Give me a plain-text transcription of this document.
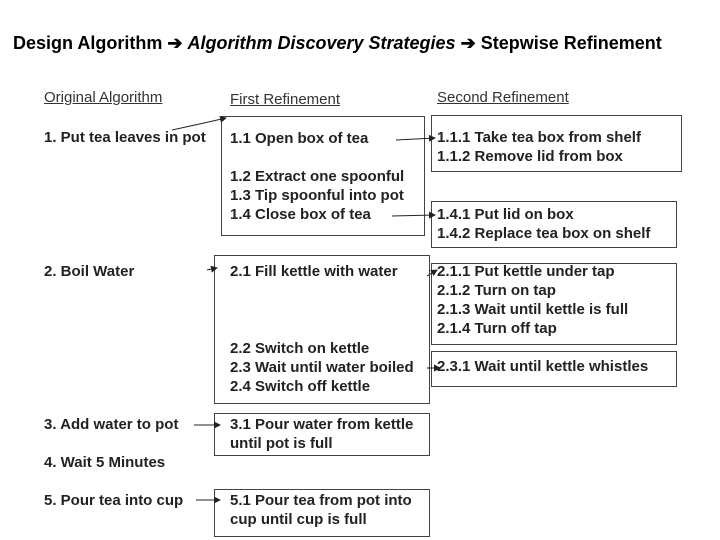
Design Algorithm ➔ Algorithm Discovery Strategies ➔ Stepwise Refinement
Original Algorithm	First Refinement	Second Refinement
1. Put tea leaves in pot
2. Boil Water
3. Add water to pot
4. Wait 5 Minutes
5. Pour tea into cup
1.1 Open box of tea
1.2 Extract one spoonful
1.3 Tip spoonful into pot
1.4 Close box of tea
2.1 Fill kettle with water
2.2 Switch on kettle
2.3 Wait until water boiled
2.4 Switch off kettle
3.1 Pour water from kettle
until pot is full
5.1 Pour tea from pot into
cup until cup is full
1.1.1 Take tea box from shelf
1.1.2 Remove lid from box
1.4.1 Put lid on box
1.4.2 Replace tea box on shelf
2.1.1 Put kettle under tap
2.1.2 Turn on tap
2.1.3 Wait until kettle is full
2.1.4 Turn off tap
2.3.1 Wait until kettle whistles
